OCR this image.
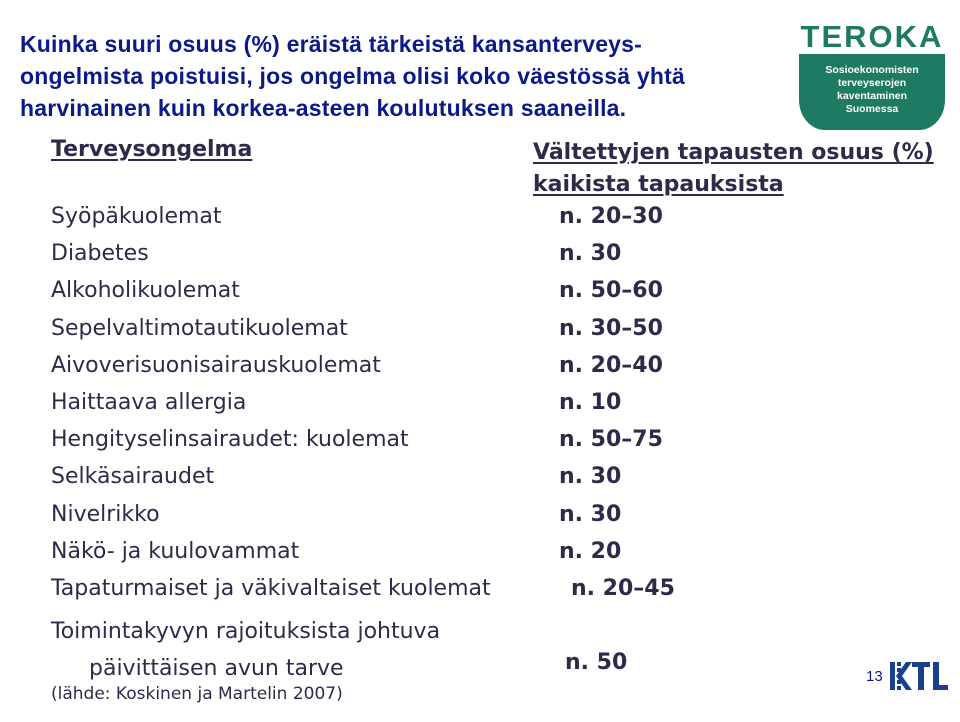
Kuinka suuri osuus (%) eräistä tärkeistä kansanterveys-
ongelmista poistuisi, jos ongelma olisi koko väestössä yhtä
harvinainen kuin korkea-asteen koulutuksen saaneilla.
TEROKA
Sosioekonomisten
terveyserojen
kaventaminen
Suomessa
Terveysongelma	Vältettyjen tapausten osuus (%)
kaikista tapauksista
Syöpäkuolemat	n. 20–30
Diabetes	n. 30
Alkoholikuolemat	n. 50–60
Sepelvaltimotautikuolemat	n. 30–50
Aivoverisuonisairauskuolemat	n. 20–40
Haittaava allergia	n. 10
Hengityselinsairaudet: kuolemat	n. 50–75
Selkäsairaudet	n. 30
Nivelrikko	n. 30
Näkö- ja kuulovammat	n. 20
Tapaturmaiset ja väkivaltaiset kuolemat	n. 20–45
Toimintakyvyn rajoituksista johtuva
päivittäisen avun tarve	n. 50
(lähde: Koskinen ja Martelin 2007)
13
